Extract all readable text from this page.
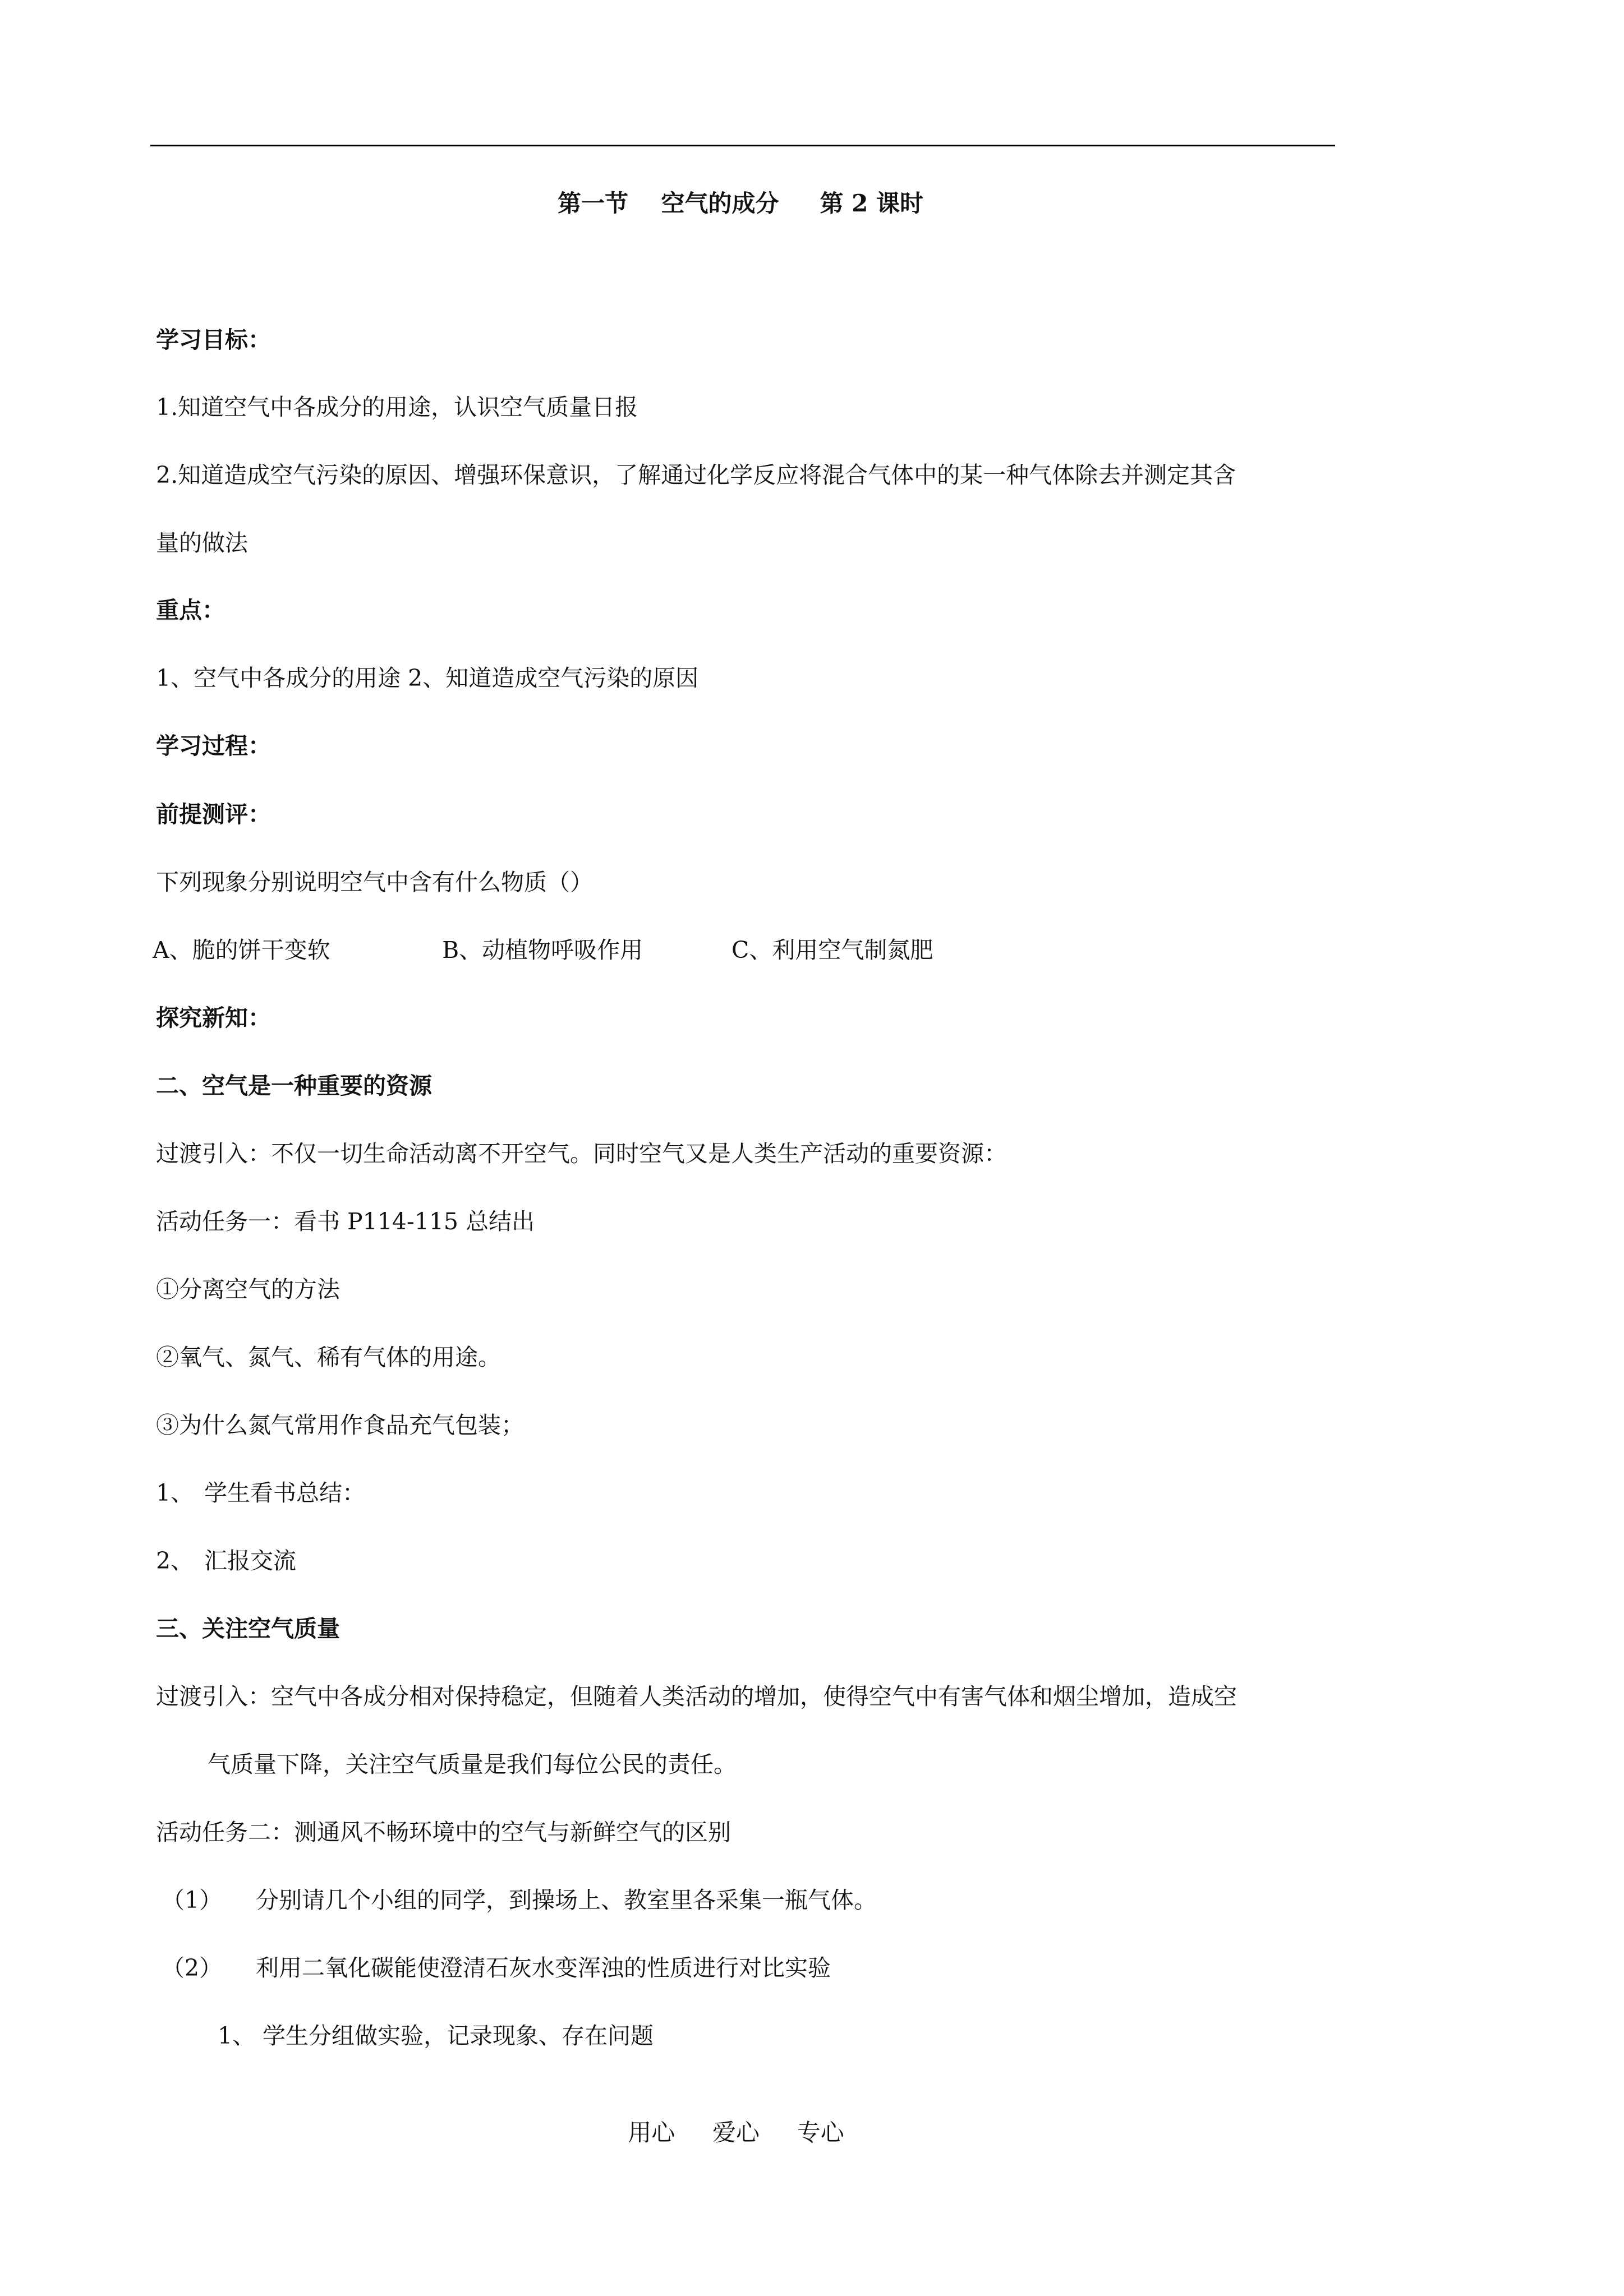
第一节    空气的成分     第 2 课时
学习目标：
1.知道空气中各成分的用途，认识空气质量日报
2.知道造成空气污染的原因、增强环保意识，了解通过化学反应将混合气体中的某一种气体除去并测定其含
量的做法
重点：
1、空气中各成分的用途 2、知道造成空气污染的原因
学习过程：
前提测评：
下列现象分别说明空气中含有什么物质（）
A、脆的饼干变软	B、动植物呼吸作用	C、利用空气制氮肥
探究新知：
二、空气是一种重要的资源
过渡引入：不仅一切生命活动离不开空气。同时空气又是人类生产活动的重要资源：
活动任务一：看书 P114-115 总结出
①分离空气的方法
②氧气、氮气、稀有气体的用途。
③为什么氮气常用作食品充气包装；
1、 学生看书总结：
2、 汇报交流
三、关注空气质量
过渡引入：空气中各成分相对保持稳定，但随着人类活动的增加，使得空气中有害气体和烟尘增加，造成空
气质量下降，关注空气质量是我们每位公民的责任。
活动任务二：测通风不畅环境中的空气与新鲜空气的区别
（1） 分别请几个小组的同学，到操场上、教室里各采集一瓶气体。
（2） 利用二氧化碳能使澄清石灰水变浑浊的性质进行对比实验
1、 学生分组做实验，记录现象、存在问题
用心     爱心     专心
